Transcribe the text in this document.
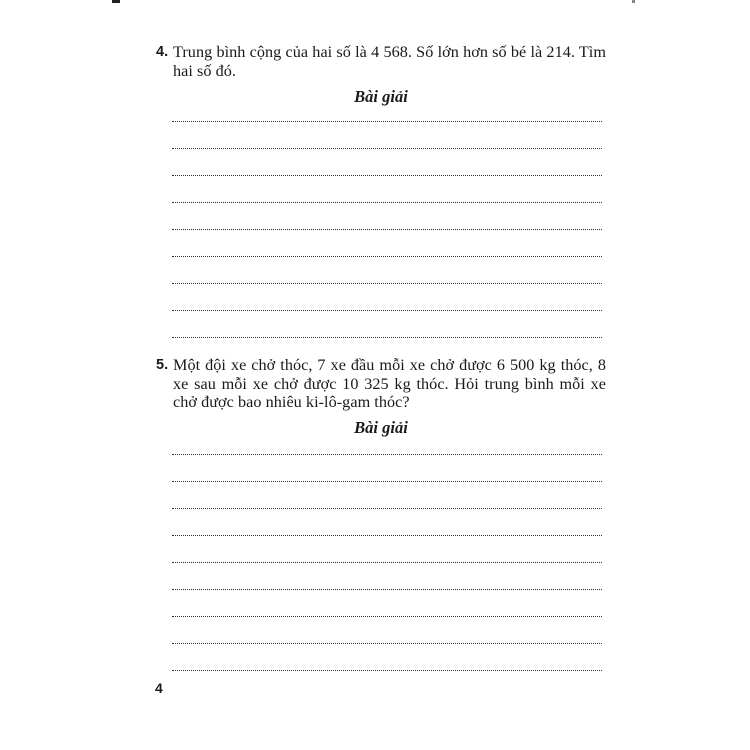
4. Trung bình cộng của hai số là 4 568. Số lớn hơn số bé là 214. Tìm hai số đó.
Bài giải
5. Một đội xe chở thóc, 7 xe đầu mỗi xe chở được 6 500 kg thóc, 8 xe sau mỗi xe chở được 10 325 kg thóc. Hỏi trung bình mỗi xe chở được bao nhiêu ki-lô-gam thóc?
Bài giải
4
